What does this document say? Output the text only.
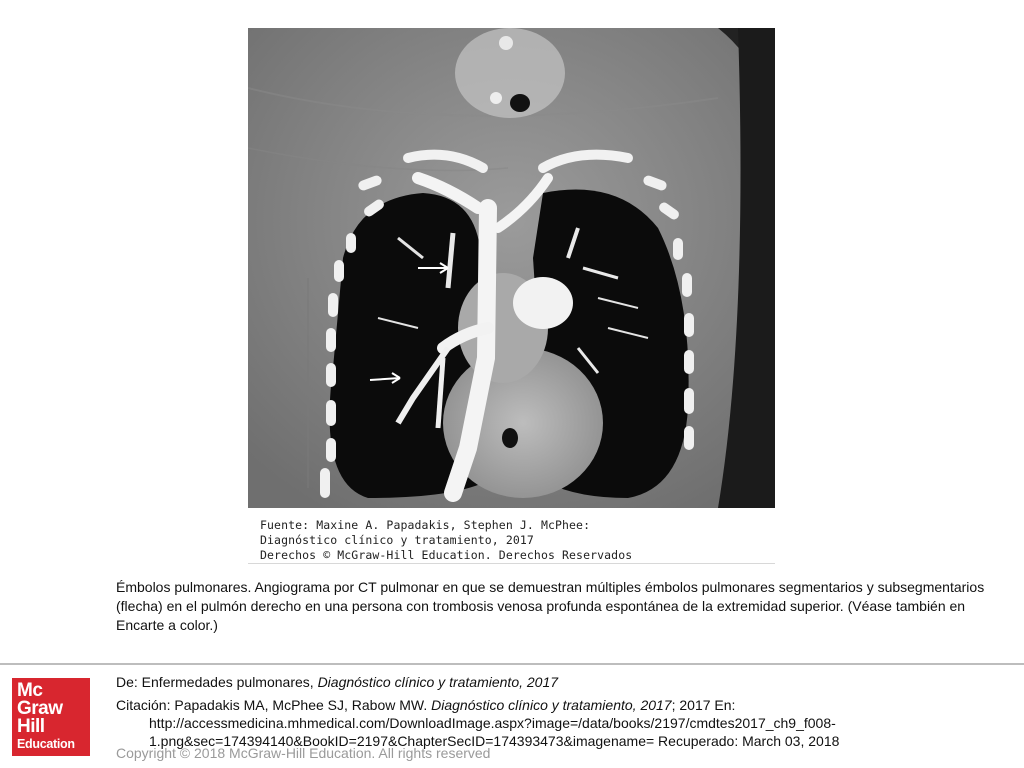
Fuente: Maxine A. Papadakis, Stephen J. McPhee:
Diagnóstico clínico y tratamiento, 2017
Derechos © McGraw-Hill Education. Derechos Reservados
Émbolos pulmonares. Angiograma por CT pulmonar en que se demuestran múltiples émbolos pulmonares segmentarios y subsegmentarios (flecha) en el pulmón derecho en una persona con trombosis venosa profunda espontánea de la extremidad superior. (Véase también en Encarte a color.)
Mc
Graw
Hill
Education
De: Enfermedades pulmonares, Diagnóstico clínico y tratamiento, 2017
Citación: Papadakis MA, McPhee SJ, Rabow MW. Diagnóstico clínico y tratamiento, 2017; 2017 En:
http://accessmedicina.mhmedical.com/DownloadImage.aspx?image=/data/books/2197/cmdtes2017_ch9_f008-
1.png&sec=174394140&BookID=2197&ChapterSecID=174393473&imagename= Recuperado: March 03, 2018
Copyright © 2018 McGraw-Hill Education. All rights reserved
